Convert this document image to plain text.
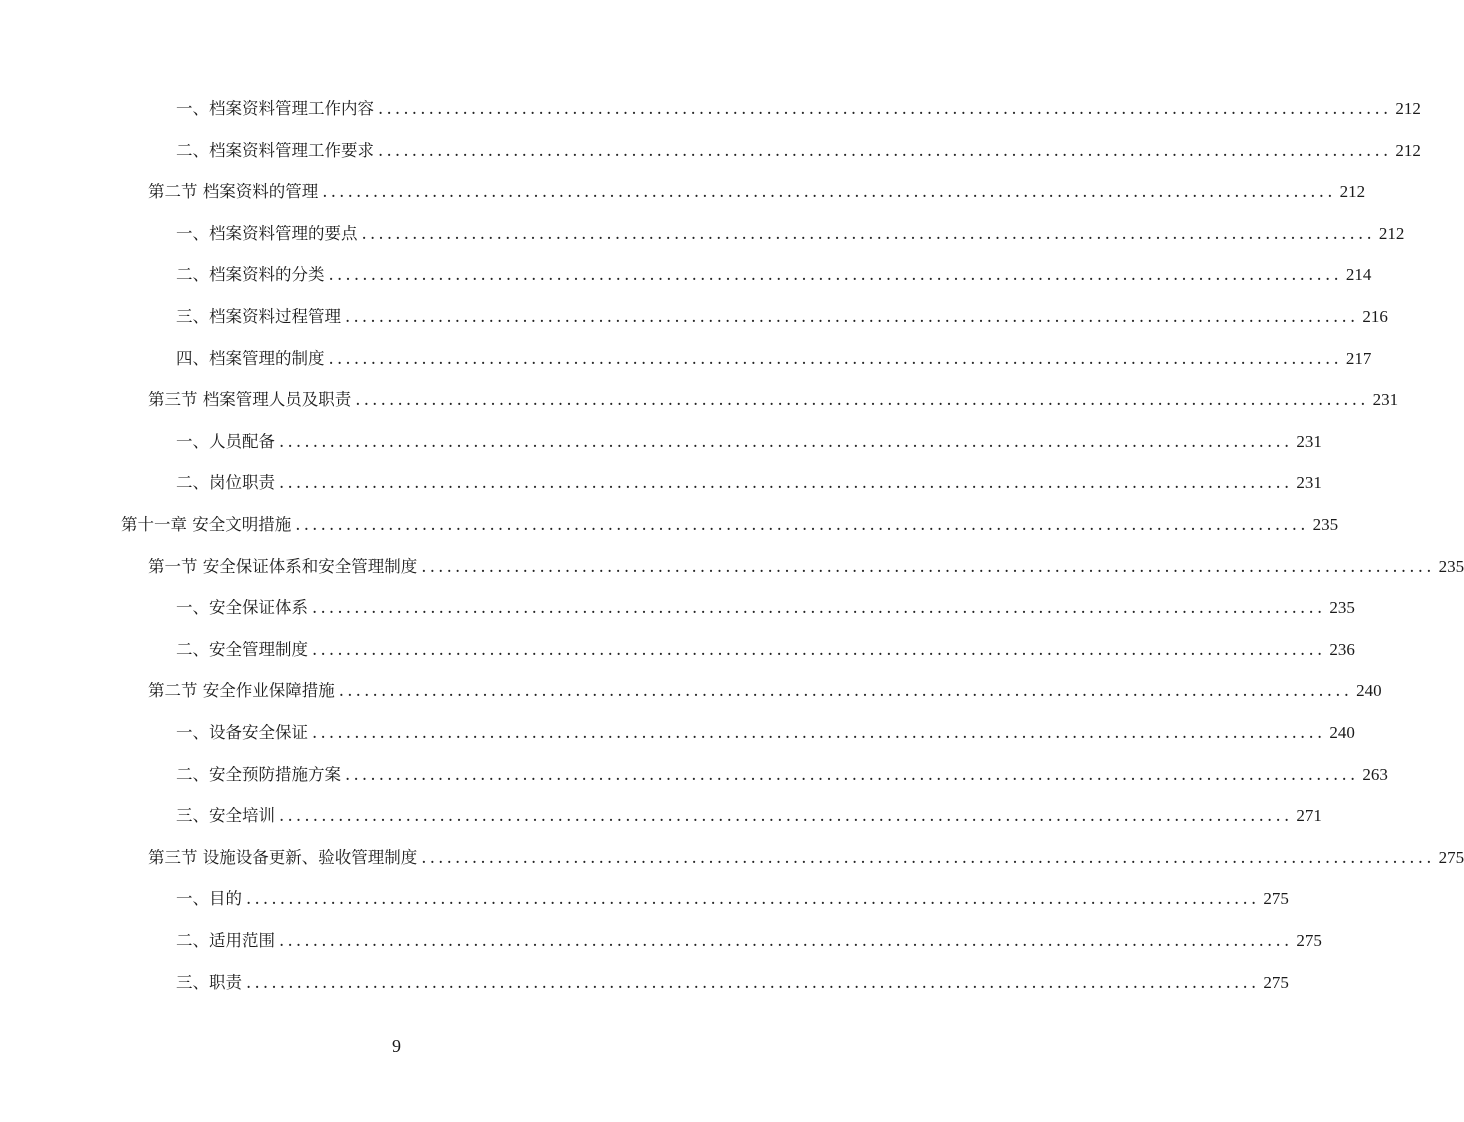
一、档案资料管理工作内容 ........................................................................................................................ 212
二、档案资料管理工作要求 ........................................................................................................................ 212
第二节 档案资料的管理 ........................................................................................................................ 212
一、档案资料管理的要点 ........................................................................................................................ 212
二、档案资料的分类 ........................................................................................................................ 214
三、档案资料过程管理 ........................................................................................................................ 216
四、档案管理的制度 ........................................................................................................................ 217
第三节 档案管理人员及职责 ........................................................................................................................ 231
一、人员配备 ........................................................................................................................ 231
二、岗位职责 ........................................................................................................................ 231
第十一章 安全文明措施 ........................................................................................................................ 235
第一节 安全保证体系和安全管理制度 ........................................................................................................................ 235
一、安全保证体系 ........................................................................................................................ 235
二、安全管理制度 ........................................................................................................................ 236
第二节 安全作业保障措施 ........................................................................................................................ 240
一、设备安全保证 ........................................................................................................................ 240
二、安全预防措施方案 ........................................................................................................................ 263
三、安全培训 ........................................................................................................................ 271
第三节 设施设备更新、验收管理制度 ........................................................................................................................ 275
一、目的 ........................................................................................................................ 275
二、适用范围 ........................................................................................................................ 275
三、职责 ........................................................................................................................ 275
9
